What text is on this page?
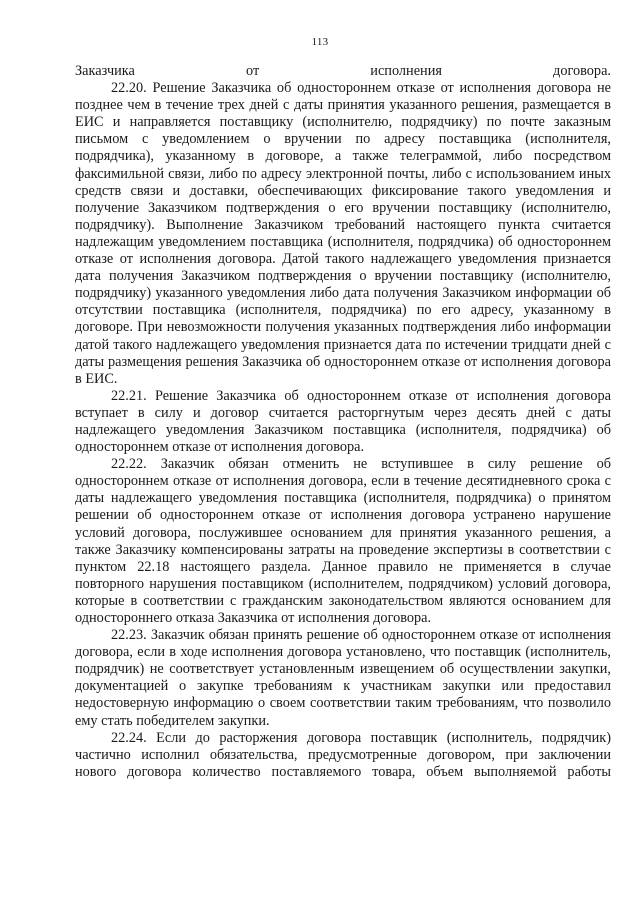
113

Заказчика от исполнения договора.

22.20. Решение Заказчика об одностороннем отказе от исполнения договора не позднее чем в течение трех дней с даты принятия указанного решения, размещается в ЕИС и направляется поставщику (исполнителю, подрядчику) по почте заказным письмом с уведомлением о вручении по адресу поставщика (исполнителя, подрядчика), указанному в договоре, а также телеграммой, либо посредством факсимильной связи, либо по адресу электронной почты, либо с использованием иных средств связи и доставки, обеспечивающих фиксирование такого уведомления и получение Заказчиком подтверждения о его вручении поставщику (исполнителю, подрядчику). Выполнение Заказчиком требований настоящего пункта считается надлежащим уведомлением поставщика (исполнителя, подрядчика) об одностороннем отказе от исполнения договора. Датой такого надлежащего уведомления признается дата получения Заказчиком подтверждения о вручении поставщику (исполнителю, подрядчику) указанного уведомления либо дата получения Заказчиком информации об отсутствии поставщика (исполнителя, подрядчика) по его адресу, указанному в договоре. При невозможности получения указанных подтверждения либо информации датой такого надлежащего уведомления признается дата по истечении тридцати дней с даты размещения решения Заказчика об одностороннем отказе от исполнения договора в ЕИС.

22.21. Решение Заказчика об одностороннем отказе от исполнения договора вступает в силу и договор считается расторгнутым через десять дней с даты надлежащего уведомления Заказчиком поставщика (исполнителя, подрядчика) об одностороннем отказе от исполнения договора.

22.22. Заказчик обязан отменить не вступившее в силу решение об одностороннем отказе от исполнения договора, если в течение десятидневного срока с даты надлежащего уведомления поставщика (исполнителя, подрядчика) о принятом решении об одностороннем отказе от исполнения договора устранено нарушение условий договора, послужившее основанием для принятия указанного решения, а также Заказчику компенсированы затраты на проведение экспертизы в соответствии с пунктом 22.18 настоящего раздела. Данное правило не применяется в случае повторного нарушения поставщиком (исполнителем, подрядчиком) условий договора, которые в соответствии с гражданским законодательством являются основанием для одностороннего отказа Заказчика от исполнения договора.

22.23. Заказчик обязан принять решение об одностороннем отказе от исполнения договора, если в ходе исполнения договора установлено, что поставщик (исполнитель, подрядчик) не соответствует установленным извещением об осуществлении закупки, документацией о закупке требованиям к участникам закупки или предоставил недостоверную информацию о своем соответствии таким требованиям, что позволило ему стать победителем закупки.

22.24. Если до расторжения договора поставщик (исполнитель, подрядчик) частично исполнил обязательства, предусмотренные договором, при заключении нового договора количество поставляемого товара, объем выполняемой работы
